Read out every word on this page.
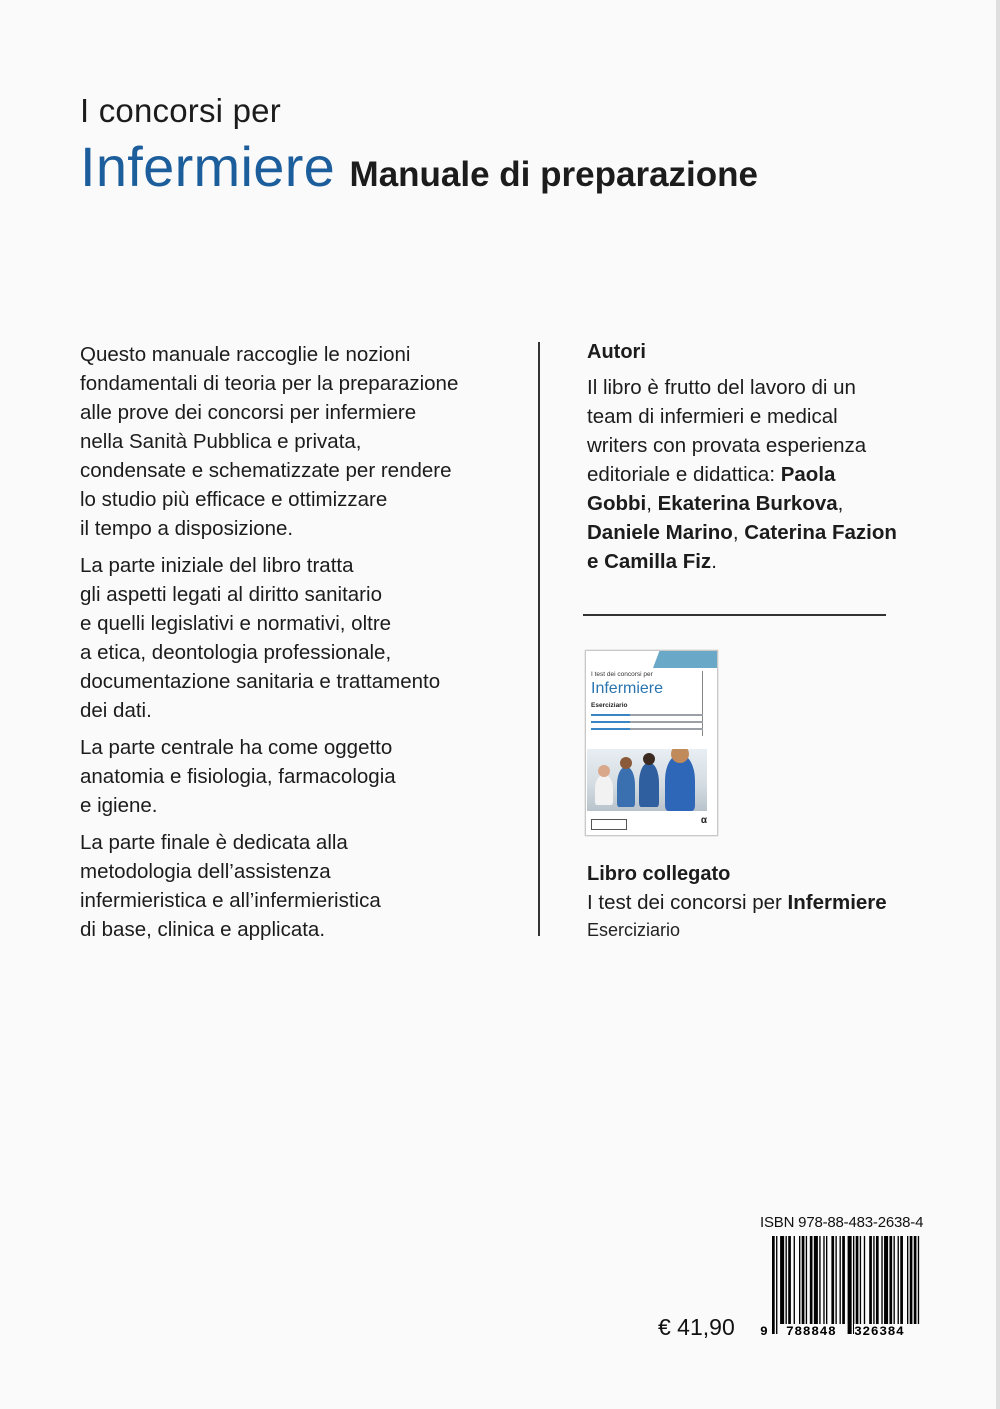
I concorsi per
Infermiere Manuale di preparazione

Questo manuale raccoglie le nozioni
fondamentali di teoria per la preparazione
alle prove dei concorsi per infermiere
nella Sanità Pubblica e privata,
condensate e schematizzate per rendere
lo studio più efficace e ottimizzare
il tempo a disposizione.

La parte iniziale del libro tratta
gli aspetti legati al diritto sanitario
e quelli legislativi e normativi, oltre
a etica, deontologia professionale,
documentazione sanitaria e trattamento
dei dati.

La parte centrale ha come oggetto
anatomia e fisiologia, farmacologia
e igiene.

La parte finale è dedicata alla
metodologia dell’assistenza
infermieristica e all’infermieristica
di base, clinica e applicata.

Autori
Il libro è frutto del lavoro di un
team di infermieri e medical
writers con provata esperienza
editoriale e didattica: Paola
Gobbi, Ekaterina Burkova,
Daniele Marino, Caterina Fazion
e Camilla Fiz.
I test dei concorsi per
Infermiere
Eserciziario
α
Libro collegato
I test dei concorsi per Infermiere
Eserciziario
ISBN 978-88-483-2638-4
9 788848 326384
€ 41,90
